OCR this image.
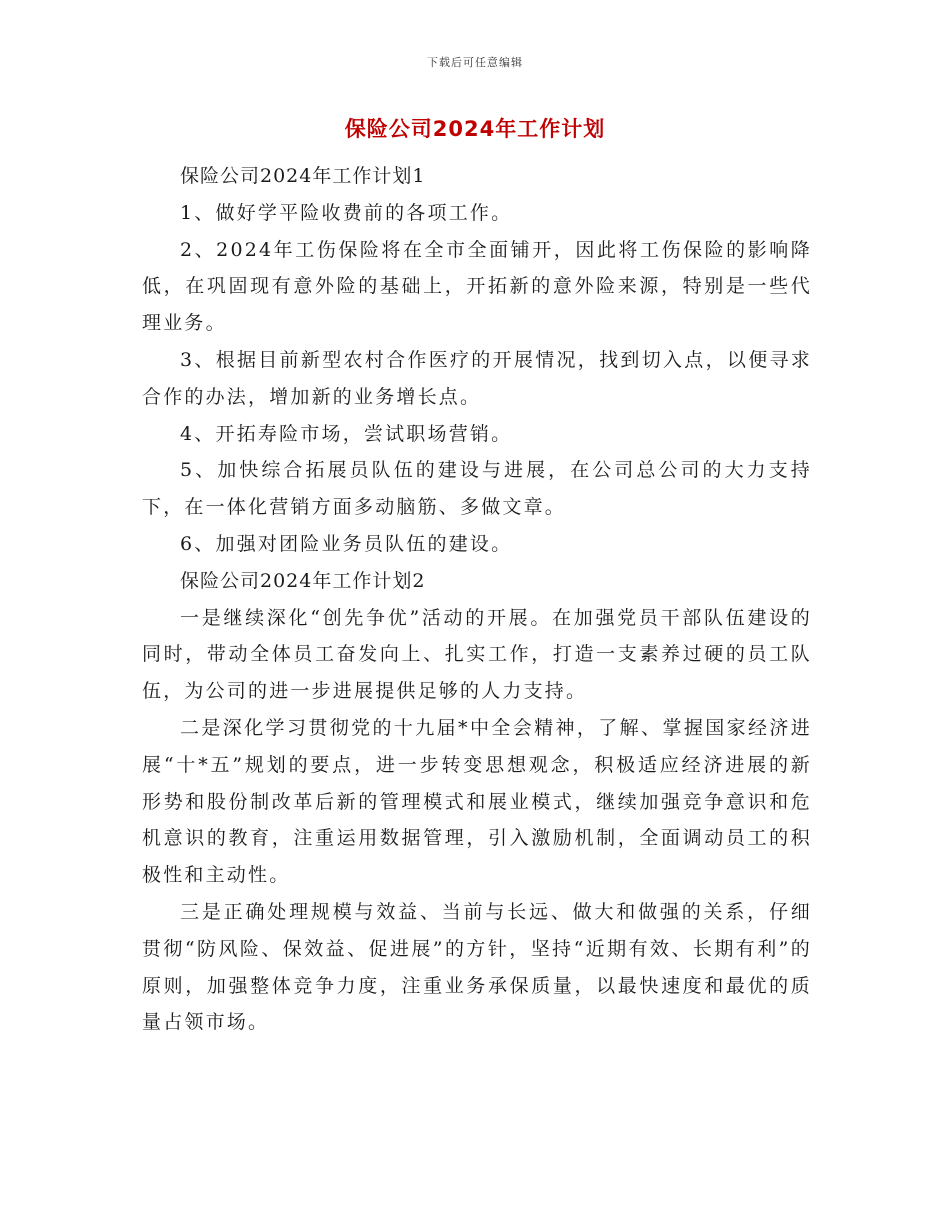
下载后可任意编辑
保险公司2024年工作计划

保险公司2024年工作计划1

1、做好学平险收费前的各项工作。

2、2024年工伤保险将在全市全面铺开，因此将工伤保险的影响降低，在巩固现有意外险的基础上，开拓新的意外险来源，特别是一些代理业务。

3、根据目前新型农村合作医疗的开展情况，找到切入点，以便寻求合作的办法，增加新的业务增长点。

4、开拓寿险市场，尝试职场营销。

5、加快综合拓展员队伍的建设与进展，在公司总公司的大力支持下，在一体化营销方面多动脑筋、多做文章。

6、加强对团险业务员队伍的建设。

保险公司2024年工作计划2

一是继续深化“创先争优”活动的开展。在加强党员干部队伍建设的同时，带动全体员工奋发向上、扎实工作，打造一支素养过硬的员工队伍，为公司的进一步进展提供足够的人力支持。

二是深化学习贯彻党的十九届*中全会精神，了解、掌握国家经济进展“十*五”规划的要点，进一步转变思想观念，积极适应经济进展的新形势和股份制改革后新的管理模式和展业模式，继续加强竞争意识和危机意识的教育，注重运用数据管理，引入激励机制，全面调动员工的积极性和主动性。

三是正确处理规模与效益、当前与长远、做大和做强的关系，仔细贯彻“防风险、保效益、促进展”的方针，坚持“近期有效、长期有利”的原则，加强整体竞争力度，注重业务承保质量，以最快速度和最优的质量占领市场。
